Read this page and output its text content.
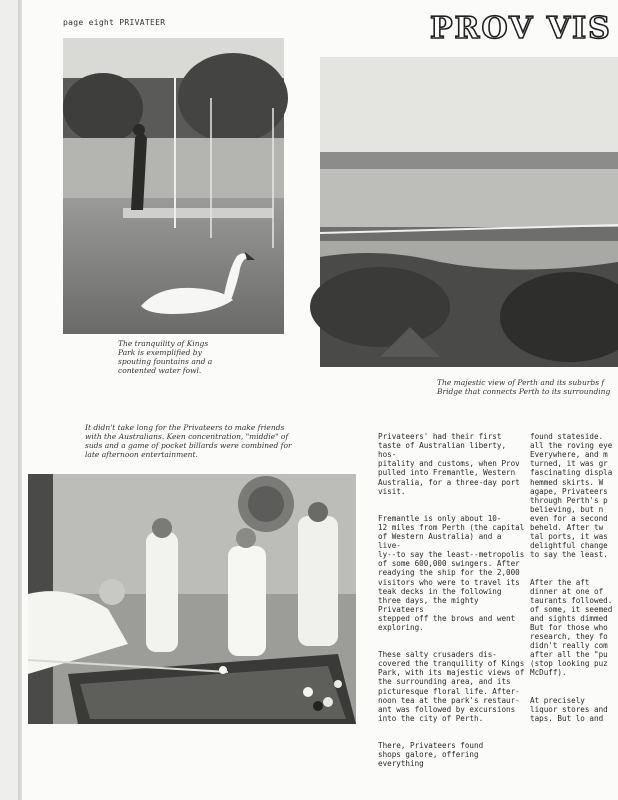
page eight PRIVATEER	PROV VIS
The tranquility of Kings
Park is exemplified by
spouting fountains and a
contented water fowl.
The majestic view of Perth and its suburbs f
Bridge that connects Perth to its surrounding
It didn't take long for the Privateers to make friends
with the Australians. Keen concentration, "middie" of
suds and a game of pocket billards were combined for
late afternoon entertainment.

Privateers' had their first
taste of Australian liberty, hos-
pitality and customs, when Prov
pulled into Fremantle, Western
Australia, for a three-day port
visit.

Fremantle is only about 10-
12 miles from Perth (the capital
of Western Australia) and a live-
ly--to say the least--metropolis
of some 600,000 swingers. After
readying the ship for the 2,000
visitors who were to travel its
teak decks in the following
three days, the mighty Privateers
stepped off the brows and went
exploring.

These salty crusaders dis-
covered the tranquility of Kings
Park, with its majestic views of
the surrounding area, and its
picturesque floral life. After-
noon tea at the park's restaur-
ant was followed by excursions
into the city of Perth.

There, Privateers found
shops galore, offering everything

found stateside.
all the roving eye
Everywhere, and m
turned, it was gr
fascinating displa
hemmed skirts. W
agape, Privateers
through Perth's p
believing, but n
even for a second
beheld. After tw
tal ports, it was
delightful change
to say the least.

After the aft
dinner at one of
taurants followed.
of some, it seemed
and sights dimmed
But for those who
research, they fo
didn't really com
after all the "pu
(stop looking puz
McDuff).

At precisely
liquor stores and
taps. But lo and
